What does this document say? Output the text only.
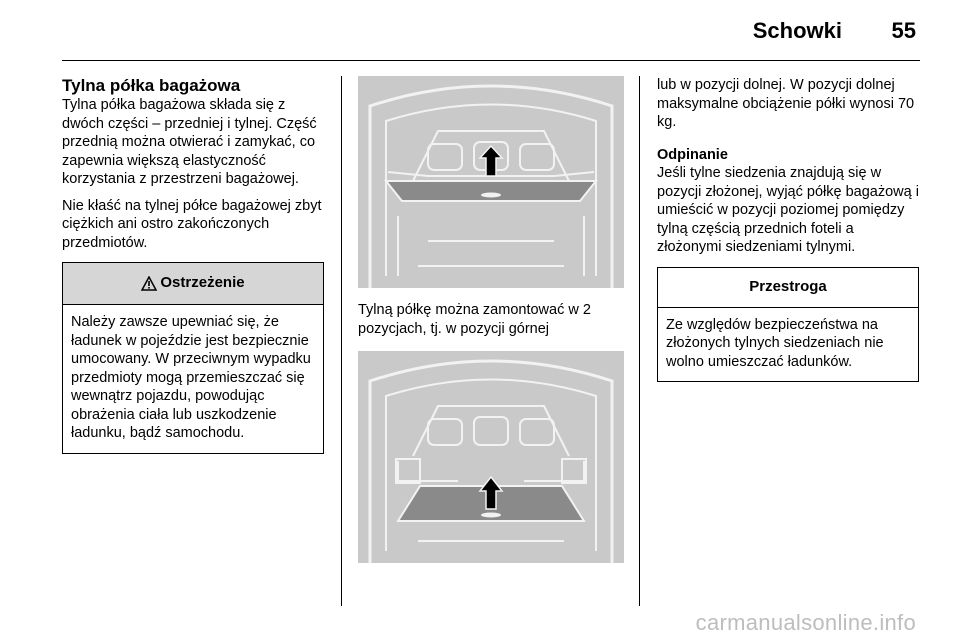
Schowki 55
Tylna półka bagażowa

Tylna półka bagażowa składa się z dwóch części – przedniej i tylnej. Część przednią można otwierać i zamykać, co zapewnia większą elastyczność korzystania z przestrzeni bagażowej.

Nie kłaść na tylnej półce bagażowej zbyt ciężkich ani ostro zakończonych przedmiotów.

Ostrzeżenie
Należy zawsze upewniać się, że ładunek w pojeździe jest bezpiecznie umocowany. W przeciwnym wypadku przedmioty mogą przemieszczać się wewnątrz pojazdu, powodując obrażenia ciała lub uszkodzenie ładunku, bądź samochodu.

Tylną półkę można zamontować w 2 pozycjach, tj. w pozycji górnej

lub w pozycji dolnej. W pozycji dolnej maksymalne obciążenie półki wynosi 70 kg.

Odpinanie

Jeśli tylne siedzenia znajdują się w pozycji złożonej, wyjąć półkę bagażową i umieścić w pozycji poziomej pomiędzy tylną częścią przednich foteli a złożonymi siedzeniami tylnymi.

Przestroga
Ze względów bezpieczeństwa na złożonych tylnych siedzeniach nie wolno umieszczać ładunków.
carmanualsonline.info
